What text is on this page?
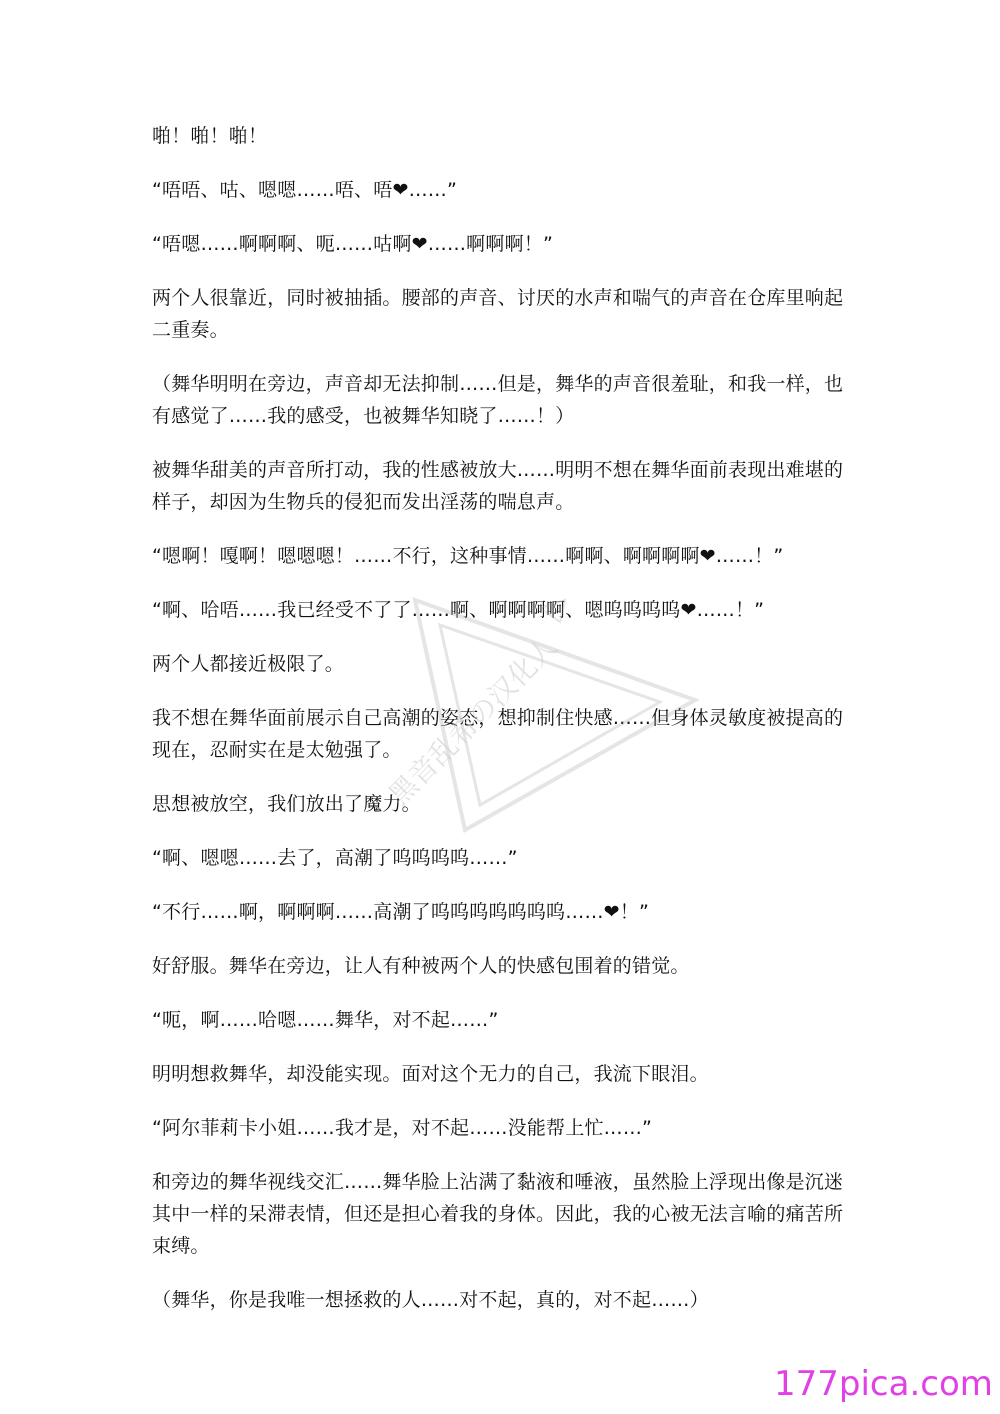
啪！啪！啪！

“唔唔、咕、嗯嗯……唔、唔❤……”

“唔嗯……啊啊啊、呃……咕啊❤……啊啊啊！”

两个人很靠近，同时被抽插。腰部的声音、讨厌的水声和喘气的声音在仓库里响起二重奏。

（舞华明明在旁边，声音却无法抑制……但是，舞华的声音很羞耻，和我一样，也有感觉了……我的感受，也被舞华知晓了……！）

被舞华甜美的声音所打动，我的性感被放大……明明不想在舞华面前表现出难堪的样子，却因为生物兵的侵犯而发出淫荡的喘息声。

“嗯啊！嘎啊！嗯嗯嗯！……不行，这种事情……啊啊、啊啊啊啊❤……！”

“啊、哈唔……我已经受不了了……啊、啊啊啊啊、嗯呜呜呜呜❤……！”

两个人都接近极限了。

我不想在舞华面前展示自己高潮的姿态，想抑制住快感……但身体灵敏度被提高的现在，忍耐实在是太勉强了。

思想被放空，我们放出了魔力。

“啊、嗯嗯……去了，高潮了呜呜呜呜……”

“不行……啊，啊啊啊……高潮了呜呜呜呜呜呜呜……❤！”

好舒服。舞华在旁边，让人有种被两个人的快感包围着的错觉。

“呃，啊……哈嗯……舞华，对不起……”

明明想救舞华，却没能实现。面对这个无力的自己，我流下眼泪。

“阿尔菲莉卡小姐……我才是，对不起……没能帮上忙……”

和旁边的舞华视线交汇……舞华脸上沾满了黏液和唾液，虽然脸上浮现出像是沉迷其中一样的呆滞表情，但还是担心着我的身体。因此，我的心被无法言喻的痛苦所束缚。

（舞华，你是我唯一想拯救的人……对不起，真的，对不起……）

黑音乱希の汉化人
177pica.com
